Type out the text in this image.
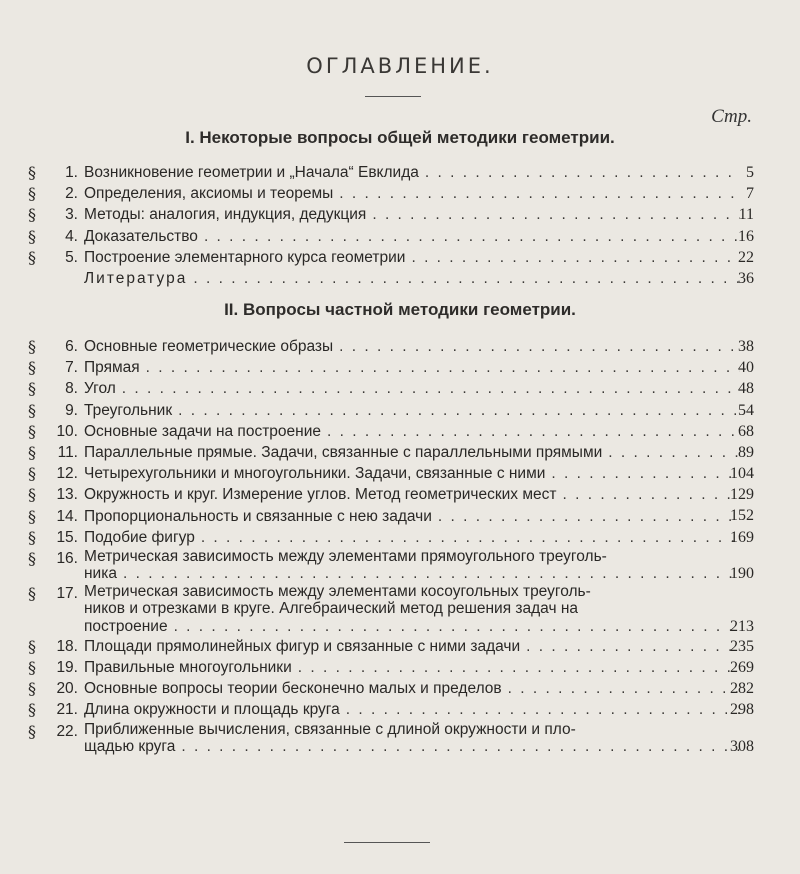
ОГЛАВЛЕНИЕ.
Стр.
I. Некоторые вопросы общей методики геометрии.
§	1. Возникновение геометрии и „Начала“ Евклида . . .	5
§	2. Определения, аксиомы и теоремы . . .	7
§	3. Методы: аналогия, индукция, дедукция . . .	11
§	4. Доказательство . . .	16
§	5. Построение элементарного курса геометрии . . .	22
Литература . . .	36
II. Вопросы частной методики геометрии.
§	6. Основные геометрические образы . . .	38
§	7. Прямая . . .	40
§	8. Угол . . .	48
§	9. Треугольник . . .	54
§	10. Основные задачи на построение . . .	68
§	11. Параллельные прямые. Задачи, связанные с параллельными прямыми . . .	89
§	12. Четырехугольники и многоугольники. Задачи, связанные с ними . . .	104
§	13. Окружность и круг. Измерение углов. Метод геометрических мест . . .	129
§	14. Пропорциональность и связанные с нею задачи . . .	152
§	15. Подобие фигур . . .	169
§	16. Метрическая зависимость между элементами прямоугольного треуголь-
ника . . .	190
§	17. Метрическая зависимость между элементами косоугольных треуголь-
ников и отрезками в круге. Алгебраический метод решения задач на
построение . . .	213
§	18. Площади прямолинейных фигур и связанные с ними задачи . . .	235
§	19. Правильные многоугольники . . .	269
§	20. Основные вопросы теории бесконечно малых и пределов . . .	282
§	21. Длина окружности и площадь круга . . .	298
§	22. Приближенные вычисления, связанные с длиной окружности и пло-
щадью круга . . .	308
